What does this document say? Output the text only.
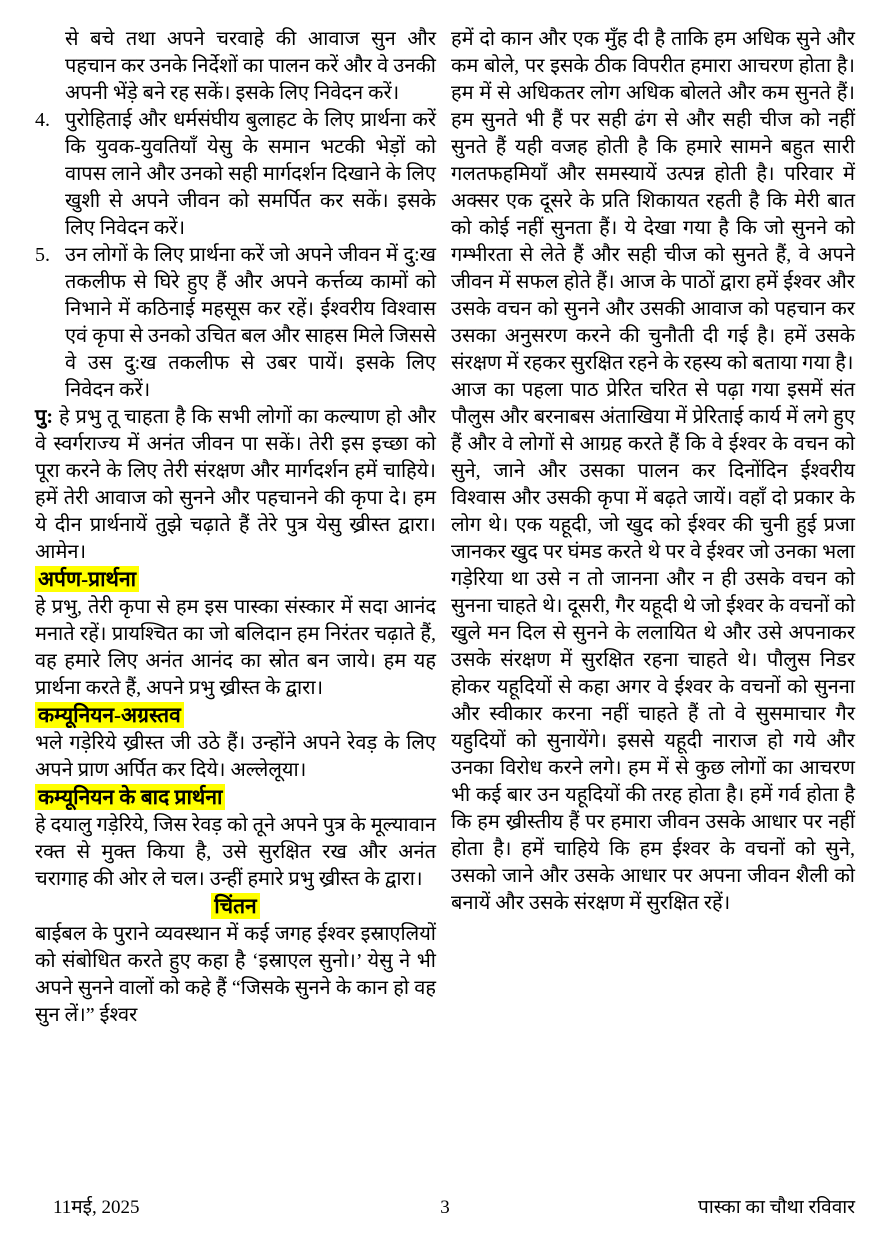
से बचे तथा अपने चरवाहे की आवाज सुन और पहचान कर उनके निर्देशों का पालन करें और वे उनकी अपनी भेंड़े बने रह सकें। इसके लिए निवेदन करें।
4. पुरोहिताई और धर्मसंघीय बुलाहट के लिए प्रार्थना करें कि युवक-युवतियाँ येसु के समान भटकी भेड़ों को वापस लाने और उनको सही मार्गदर्शन दिखाने के लिए खुशी से अपने जीवन को समर्पित कर सकें। इसके लिए निवेदन करें।
5. उन लोगों के लिए प्रार्थना करें जो अपने जीवन में दु:ख तकलीफ से घिरे हुए हैं और अपने कर्त्तव्य कामों को निभाने में कठिनाई महसूस कर रहें। ईश्वरीय विश्वास एवं कृपा से उनको उचित बल और साहस मिले जिससे वे उस दु:ख तकलीफ से उबर पायें। इसके लिए निवेदन करें।

पु: हे प्रभु तू चाहता है कि सभी लोगों का कल्याण हो और वे स्वर्गराज्य में अनंत जीवन पा सकें। तेरी इस इच्छा को पूरा करने के लिए तेरी संरक्षण और मार्गदर्शन हमें चाहिये। हमें तेरी आवाज को सुनने और पहचानने की कृपा दे। हम ये दीन प्रार्थनायें तुझे चढ़ाते हैं तेरे पुत्र येसु ख्रीस्त द्वारा। आमेन।

अर्पण-प्रार्थना

हे प्रभु, तेरी कृपा से हम इस पास्का संस्कार में सदा आनंद मनाते रहें। प्रायश्चित का जो बलिदान हम निरंतर चढ़ाते हैं, वह हमारे लिए अनंत आनंद का स्रोत बन जाये। हम यह प्रार्थना करते हैं, अपने प्रभु ख्रीस्त के द्वारा।

कम्यूनियन-अग्रस्तव

भले गड़ेरिये ख्रीस्त जी उठे हैं। उन्होंने अपने रेवड़ के लिए अपने प्राण अर्पित कर दिये। अल्लेलूया।

कम्यूनियन के बाद प्रार्थना

हे दयालु गड़ेरिये, जिस रेवड़ को तूने अपने पुत्र के मूल्यावान रक्त से मुक्त किया है, उसे सुरक्षित रख और अनंत चरागाह की ओर ले चल। उन्हीं हमारे प्रभु ख्रीस्त के द्वारा।

चिंतन

बाईबल के पुराने व्यवस्थान में कई जगह ईश्वर इस्राएलियों को संबोधित करते हुए कहा है ‘इस्राएल सुनो।’ येसु ने भी अपने सुनने वालों को कहे हैं “जिसके सुनने के कान हो वह सुन लें।” ईश्वर

हमें दो कान और एक मुँह दी है ताकि हम अधिक सुने और कम बोले, पर इसके ठीक विपरीत हमारा आचरण होता है। हम में से अधिकतर लोग अधिक बोलते और कम सुनते हैं। हम सुनते भी हैं पर सही ढंग से और सही चीज को नहीं सुनते हैं यही वजह होती है कि हमारे सामने बहुत सारी गलतफहमियाँ और समस्यायें उत्पन्न होती है। परिवार में अक्सर एक दूसरे के प्रति शिकायत रहती है कि मेरी बात को कोई नहीं सुनता हैं। ये देखा गया है कि जो सुनने को गम्भीरता से लेते हैं और सही चीज को सुनते हैं, वे अपने जीवन में सफल होते हैं। आज के पाठों द्वारा हमें ईश्वर और उसके वचन को सुनने और उसकी आवाज को पहचान कर उसका अनुसरण करने की चुनौती दी गई है। हमें उसके संरक्षण में रहकर सुरक्षित रहने के रहस्य को बताया गया है।

आज का पहला पाठ प्रेरित चरित से पढ़ा गया इसमें संत पौलुस और बरनाबस अंताखिया में प्रेरिताई कार्य में लगे हुए हैं और वे लोगों से आग्रह करते हैं कि वे ईश्वर के वचन को सुने, जाने और उसका पालन कर दिनोंदिन ईश्वरीय विश्वास और उसकी कृपा में बढ़ते जायें। वहाँ दो प्रकार के लोग थे। एक यहूदी, जो खुद को ईश्वर की चुनी हुई प्रजा जानकर खुद पर घंमड करते थे पर वे ईश्वर जो उनका भला गड़ेरिया था उसे न तो जानना और न ही उसके वचन को सुनना चाहते थे। दूसरी, गैर यहूदी थे जो ईश्वर के वचनों को खुले मन दिल से सुनने के ललायित थे और उसे अपनाकर उसके संरक्षण में सुरक्षित रहना चाहते थे। पौलुस निडर होकर यहूदियों से कहा अगर वे ईश्वर के वचनों को सुनना और स्वीकार करना नहीं चाहते हैं तो वे सुसमाचार गैर यहुदियों को सुनायेंगे। इससे यहूदी नाराज हो गये और उनका विरोध करने लगे। हम में से कुछ लोगों का आचरण भी कई बार उन यहूदियों की तरह होता है। हमें गर्व होता है कि हम ख्रीस्तीय हैं पर हमारा जीवन उसके आधार पर नहीं होता है। हमें चाहिये कि हम ईश्वर के वचनों को सुने, उसको जाने और उसके आधार पर अपना जीवन शैली को बनायें और उसके संरक्षण में सुरक्षित रहें।

11मई, 2025	3	पास्का का चौथा रविवार
